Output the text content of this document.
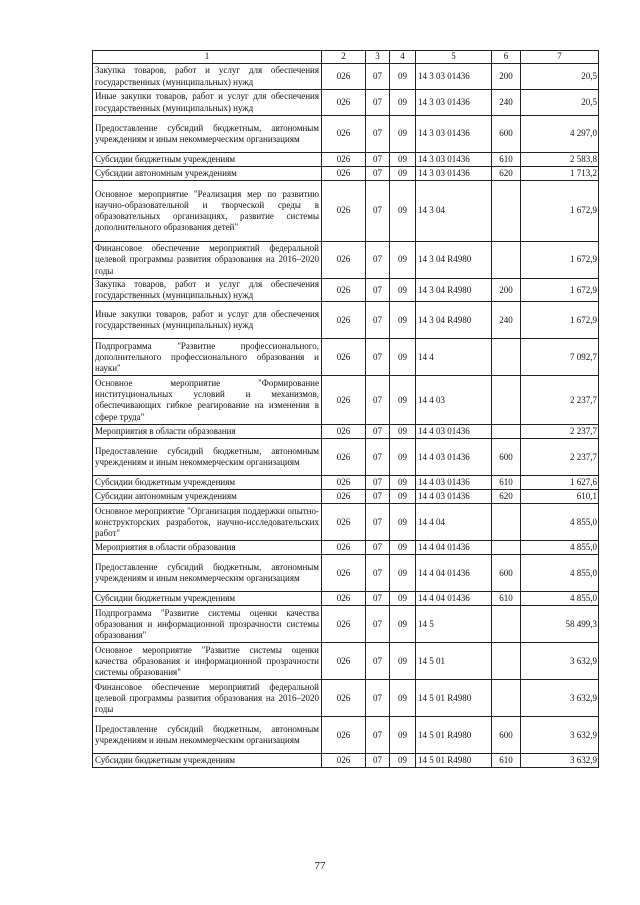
1	2	3	4	5	6	7
Закупка товаров, работ и услуг для обеспечения государственных (муниципальных) нужд	026	07	09	14 3 03 01436	200	20,5
Иные закупки товаров, работ и услуг для обеспечения государственных (муниципальных) нужд	026	07	09	14 3 03 01436	240	20,5
Предоставление субсидий бюджетным, автономным учреждениям и иным некоммерческим организациям	026	07	09	14 3 03 01436	600	4 297,0
Субсидии бюджетным учреждениям	026	07	09	14 3 03 01436	610	2 583,8
Субсидии автономным учреждениям	026	07	09	14 3 03 01436	620	1 713,2
Основное мероприятие "Реализация мер по развитию научно-образовательной и творческой среды в образовательных организациях, развитие системы дополнительного образования детей"	026	07	09	14 3 04		1 672,9
Финансовое обеспечение мероприятий федеральной целевой программы развития образования на 2016–2020 годы	026	07	09	14 3 04 R4980		1 672,9
Закупка товаров, работ и услуг для обеспечения государственных (муниципальных) нужд	026	07	09	14 3 04 R4980	200	1 672,9
Иные закупки товаров, работ и услуг для обеспечения государственных (муниципальных) нужд	026	07	09	14 3 04 R4980	240	1 672,9
Подпрограмма "Развитие профессионального, дополнительного профессионального образования и науки"	026	07	09	14 4		7 092,7
Основное мероприятие "Формирование институциональных условий и механизмов, обеспечивающих гибкое реагирование на изменения в сфере труда"	026	07	09	14 4 03		2 237,7
Мероприятия в области образования	026	07	09	14 4 03 01436		2 237,7
Предоставление субсидий бюджетным, автономным учреждениям и иным некоммерческим организациям	026	07	09	14 4 03 01436	600	2 237,7
Субсидии бюджетным учреждениям	026	07	09	14 4 03 01436	610	1 627,6
Субсидии автономным учреждениям	026	07	09	14 4 03 01436	620	610,1
Основное мероприятие "Организация поддержки опытно-конструкторских разработок, научно-исследовательских работ"	026	07	09	14 4 04		4 855,0
Мероприятия в области образования	026	07	09	14 4 04 01436		4 855,0
Предоставление субсидий бюджетным, автономным учреждениям и иным некоммерческим организациям	026	07	09	14 4 04 01436	600	4 855,0
Субсидии бюджетным учреждениям	026	07	09	14 4 04 01436	610	4 855,0
Подпрограмма "Развитие системы оценки качества образования и информационной прозрачности системы образования"	026	07	09	14 5		58 499,3
Основное мероприятие "Развитие системы оценки качества образования и информационной прозрачности системы образования"	026	07	09	14 5 01		3 632,9
Финансовое обеспечение мероприятий федеральной целевой программы развития образования на 2016–2020 годы	026	07	09	14 5 01 R4980		3 632,9
Предоставление субсидий бюджетным, автономным учреждениям и иным некоммерческим организациям	026	07	09	14 5 01 R4980	600	3 632,9
Субсидии бюджетным учреждениям	026	07	09	14 5 01 R4980	610	3 632,9
77
